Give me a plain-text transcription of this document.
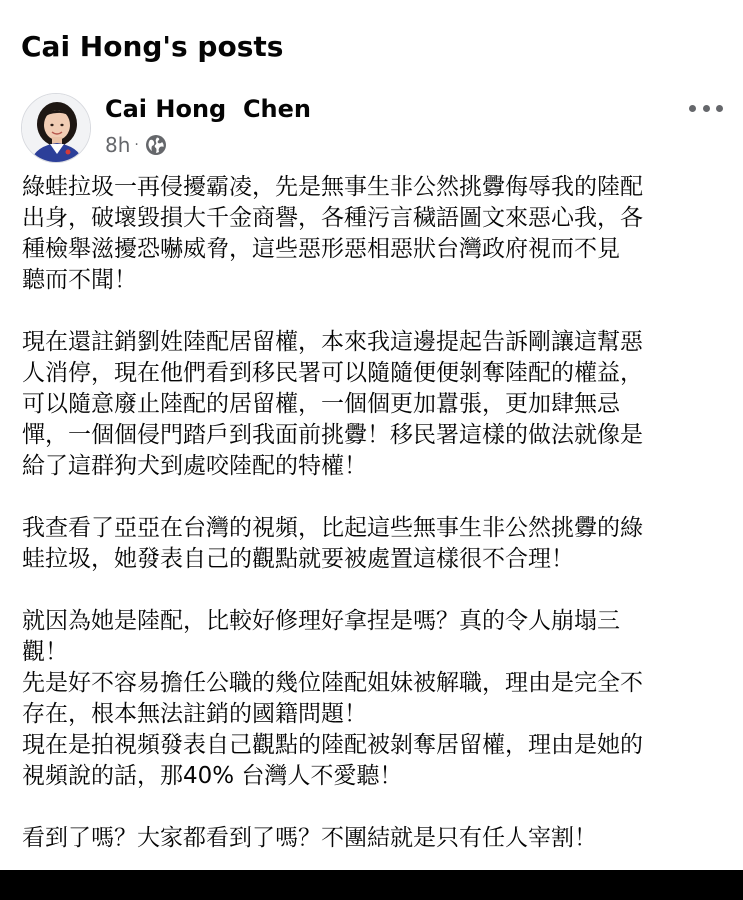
Cai Hong's posts
Cai Hong  Chen
8h ·

綠蛙拉圾一再侵擾霸凌，先是無事生非公然挑釁侮辱我的陸配
出身，破壞毀損大千金商譽，各種污言穢語圖文來惡心我，各
種檢舉滋擾恐嚇威脅，這些惡形惡相惡狀台灣政府視而不見
聽而不聞！

現在還註銷劉姓陸配居留權，本來我這邊提起告訴剛讓這幫惡
人消停，現在他們看到移民署可以隨隨便便剝奪陸配的權益，
可以隨意廢止陸配的居留權，一個個更加囂張，更加肆無忌
憚，一個個侵門踏戶到我面前挑釁！移民署這樣的做法就像是
給了這群狗犬到處咬陸配的特權！

我查看了亞亞在台灣的視頻，比起這些無事生非公然挑釁的綠
蛙拉圾，她發表自己的觀點就要被處置這樣很不合理！

就因為她是陸配，比較好修理好拿捏是嗎？真的令人崩塌三
觀！
先是好不容易擔任公職的幾位陸配姐妹被解職，理由是完全不
存在，根本無法註銷的國籍問題！
現在是拍視頻發表自己觀點的陸配被剝奪居留權，理由是她的
視頻說的話，那40% 台灣人不愛聽！

看到了嗎？大家都看到了嗎？不團結就是只有任人宰割！
